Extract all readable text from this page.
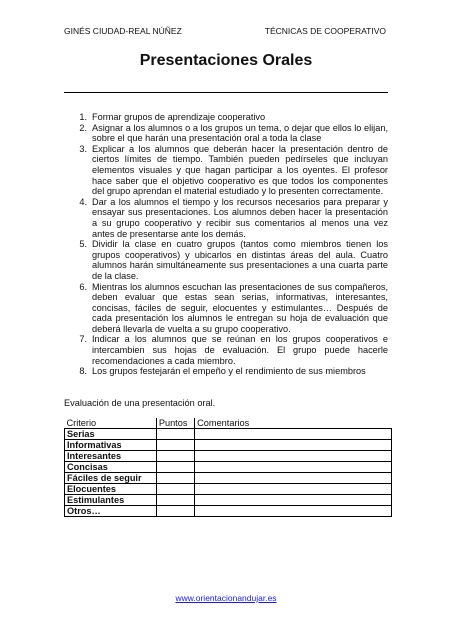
GINÉS CIUDAD-REAL NÚÑEZ	TÉCNICAS DE COOPERATIVO
Presentaciones Orales
1. Formar grupos de aprendizaje cooperativo
2. Asignar a los alumnos o a los grupos un tema, o dejar que ellos lo elijan, sobre el que harán una presentación oral a toda la clase
3. Explicar a los alumnos que deberán hacer la presentación dentro de ciertos límites de tiempo. También pueden pedírseles que incluyan elementos visuales y que hagan participar a los oyentes. El profesor hace saber que el objetivo cooperativo es que todos los componentes del grupo aprendan el material estudiado y lo presenten correctamente.
4. Dar a los alumnos el tiempo y los recursos necesarios para preparar y ensayar sus presentaciones. Los alumnos deben hacer la presentación a su grupo cooperativo y recibir sus comentarios al menos una vez antes de presentarse ante los demás.
5. Dividir la clase en cuatro grupos (tantos como miembros tienen los grupos cooperativos) y ubicarlos en distintas áreas del aula. Cuatro alumnos harán simultáneamente sus presentaciones a una cuarta parte de la clase.
6. Mientras los alumnos escuchan las presentaciones de sus compañeros, deben evaluar que estas sean serias, informativas, interesantes, concisas, fáciles de seguir, elocuentes y estimulantes… Después de cada presentación los alumnos le entregan su hoja de evaluación que deberá llevarla de vuelta a su grupo cooperativo.
7. Indicar a los alumnos que se reúnan en los grupos cooperativos e intercambien sus hojas de evaluación. El grupo puede hacerle recomendaciones a cada miembro.
8. Los grupos festejarán el empeño y el rendimiento de sus miembros
Evaluación de una presentación oral.
Criterio	Puntos	Comentarios
Serias		
Informativas		
Interesantes		
Concisas		
Fáciles de seguir		
Elocuentes		
Estimulantes		
Otros…		
www.orientacionandujar.es
